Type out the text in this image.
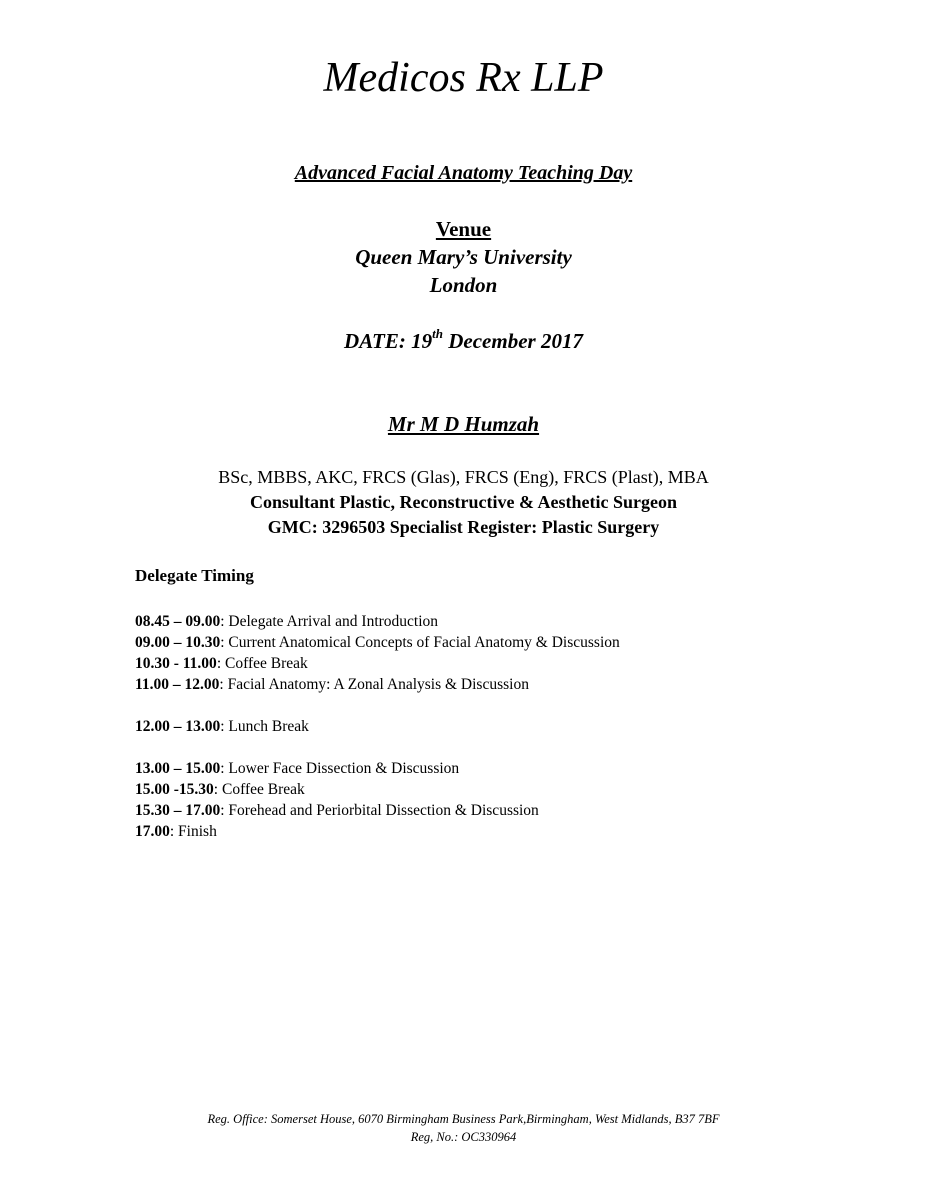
Medicos Rx LLP
Advanced Facial Anatomy Teaching Day
Venue
Queen Mary’s University
London
DATE: 19th December 2017
Mr M D Humzah
BSc, MBBS, AKC, FRCS (Glas), FRCS (Eng), FRCS (Plast), MBA
Consultant Plastic, Reconstructive & Aesthetic Surgeon
GMC: 3296503 Specialist Register: Plastic Surgery
Delegate Timing
08.45 – 09.00: Delegate Arrival and Introduction
09.00 – 10.30: Current Anatomical Concepts of Facial Anatomy & Discussion
10.30 - 11.00: Coffee Break
11.00 – 12.00: Facial Anatomy: A Zonal Analysis & Discussion
12.00 – 13.00: Lunch Break
13.00 – 15.00: Lower Face Dissection & Discussion
15.00 -15.30: Coffee Break
15.30 – 17.00: Forehead and Periorbital Dissection & Discussion
17.00: Finish
Reg. Office: Somerset House, 6070 Birmingham Business Park,Birmingham, West Midlands, B37 7BF
Reg, No.: OC330964
